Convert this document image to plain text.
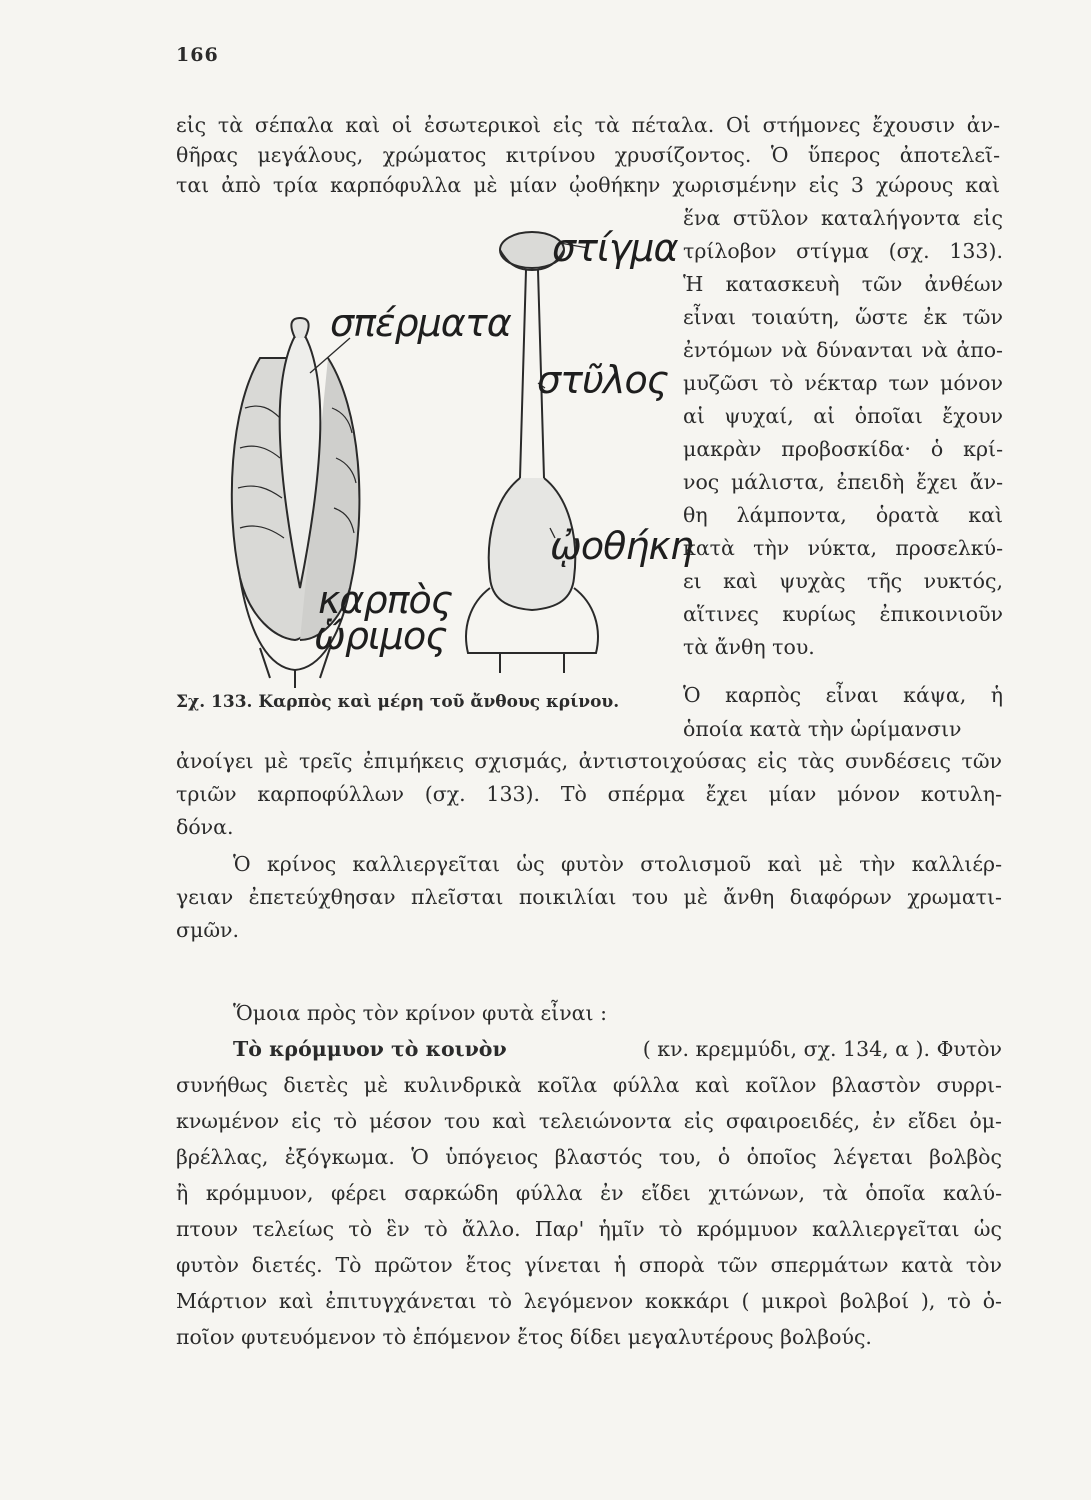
166
εἰς τὰ σέπαλα καὶ οἱ ἐσωτερικοὶ εἰς τὰ πέταλα. Οἱ στήμονες ἔχουσιν ἀν-
θῆρας μεγάλους, χρώματος κιτρίνου χρυσίζοντος. Ὁ ὕπερος ἀποτελεῖ-
ται ἀπὸ τρία καρπόφυλλα μὲ μίαν ᾠοθήκην χωρισμένην εἰς 3 χώρους καὶ
ἕνα στῦλον καταλήγοντα εἰς
τρίλοβον στίγμα (σχ. 133).
Ἡ κατασκευὴ τῶν ἀνθέων
εἶναι τοιαύτη, ὥστε ἐκ τῶν
ἐντόμων νὰ δύνανται νὰ ἀπο-
μυζῶσι τὸ νέκταρ των μόνον
αἱ ψυχαί, αἱ ὁποῖαι ἔχουν
μακρὰν προβοσκίδα· ὁ κρί-
νος μάλιστα, ἐπειδὴ ἔχει ἄν-
θη λάμποντα, ὁρατὰ καὶ
κατὰ τὴν νύκτα, προσελκύ-
ει καὶ ψυχὰς τῆς νυκτός,
αἵτινες κυρίως ἐπικοινιοῦν
τὰ ἄνθη του.
Ὁ καρπὸς εἶναι κάψα, ἡ
ὁποία κατὰ τὴν ὡρίμανσιν
στίγμα
σπέρματα
στῦλος
ᾠοθήκη
καρπὸς
ὥριμος
Σχ. 133. Καρπὸς καὶ μέρη τοῦ ἄνθους κρίνου.
ἀνοίγει μὲ τρεῖς ἐπιμήκεις σχισμάς, ἀντιστοιχούσας εἰς τὰς συνδέσεις τῶν
τριῶν καρποφύλλων (σχ. 133). Τὸ σπέρμα ἔχει μίαν μόνον κοτυλη-
δόνα.
Ὁ κρίνος καλλιεργεῖται ὡς φυτὸν στολισμοῦ καὶ μὲ τὴν καλλιέρ-
γειαν ἐπετεύχθησαν πλεῖσται ποικιλίαι του μὲ ἄνθη διαφόρων χρωματι-
σμῶν.
Ὅμοια πρὸς τὸν κρίνον φυτὰ εἶναι :
Τὸ κρόμμυον τὸ κοινὸν	( κν. κρεμμύδι, σχ. 134, α ). Φυτὸν
συνήθως διετὲς μὲ κυλινδρικὰ κοῖλα φύλλα καὶ κοῖλον βλαστὸν συρρι-
κνωμένον εἰς τὸ μέσον του καὶ τελειώνοντα εἰς σφαιροειδές, ἐν εἴδει ὀμ-
βρέλλας, ἐξόγκωμα. Ὁ ὑπόγειος βλαστός του, ὁ ὁποῖος λέγεται βολβὸς
ἢ κρόμμυον, φέρει σαρκώδη φύλλα ἐν εἴδει χιτώνων, τὰ ὁποῖα καλύ-
πτουν τελείως τὸ ἓν τὸ ἄλλο. Παρ' ἡμῖν τὸ κρόμμυον καλλιεργεῖται ὡς
φυτὸν διετές. Τὸ πρῶτον ἔτος γίνεται ἡ σπορὰ τῶν σπερμάτων κατὰ τὸν
Μάρτιον καὶ ἐπιτυγχάνεται τὸ λεγόμενον κοκκάρι ( μικροὶ βολβοί ), τὸ ὁ-
ποῖον φυτευόμενον τὸ ἑπόμενον ἔτος δίδει μεγαλυτέρους βολβούς.
